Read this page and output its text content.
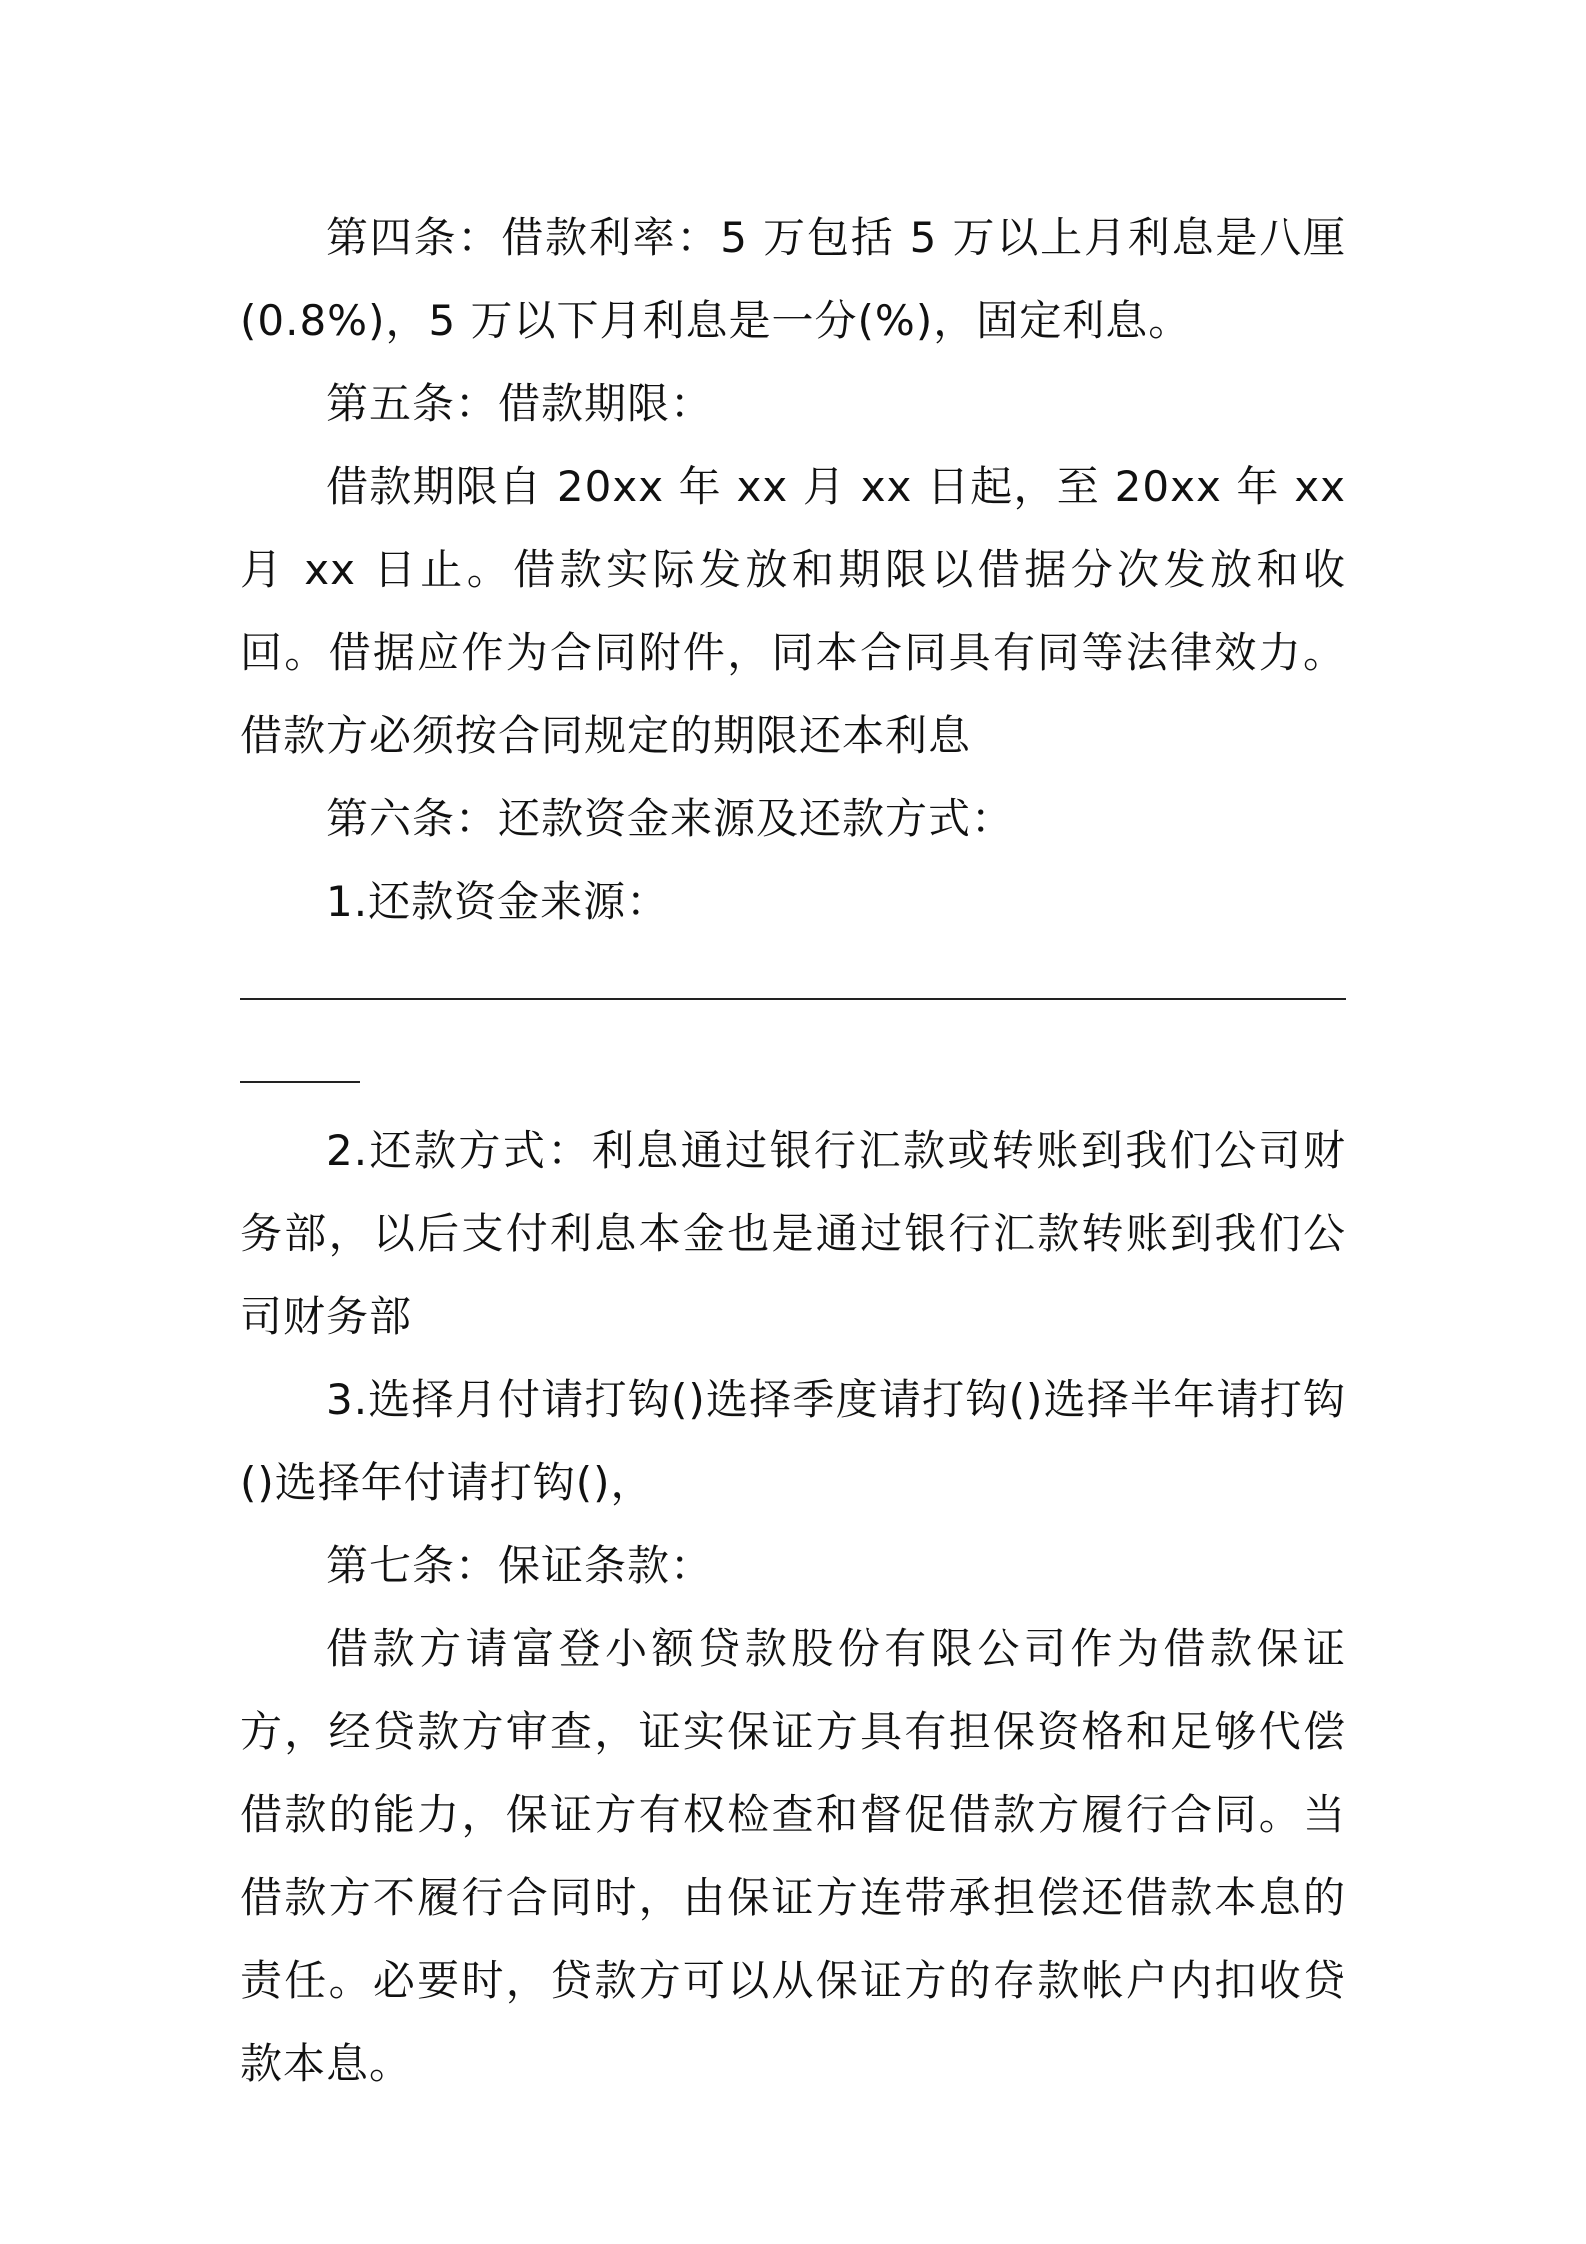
第四条：借款利率：5 万包括 5 万以上月利息是八厘(0.8%)，5 万以下月利息是一分(%)，固定利息。

第五条：借款期限：

借款期限自 20xx 年 xx 月 xx 日起，至 20xx 年 xx 月 xx 日止。借款实际发放和期限以借据分次发放和收回。借据应作为合同附件，同本合同具有同等法律效力。借款方必须按合同规定的期限还本利息

第六条：还款资金来源及还款方式：

1.还款资金来源：

2.还款方式：利息通过银行汇款或转账到我们公司财务部，以后支付利息本金也是通过银行汇款转账到我们公司财务部

3.选择月付请打钩()选择季度请打钩()选择半年请打钩()选择年付请打钩()，

第七条：保证条款：

借款方请富登小额贷款股份有限公司作为借款保证方，经贷款方审查，证实保证方具有担保资格和足够代偿借款的能力，保证方有权检查和督促借款方履行合同。当借款方不履行合同时，由保证方连带承担偿还借款本息的责任。必要时，贷款方可以从保证方的存款帐户内扣收贷款本息。
